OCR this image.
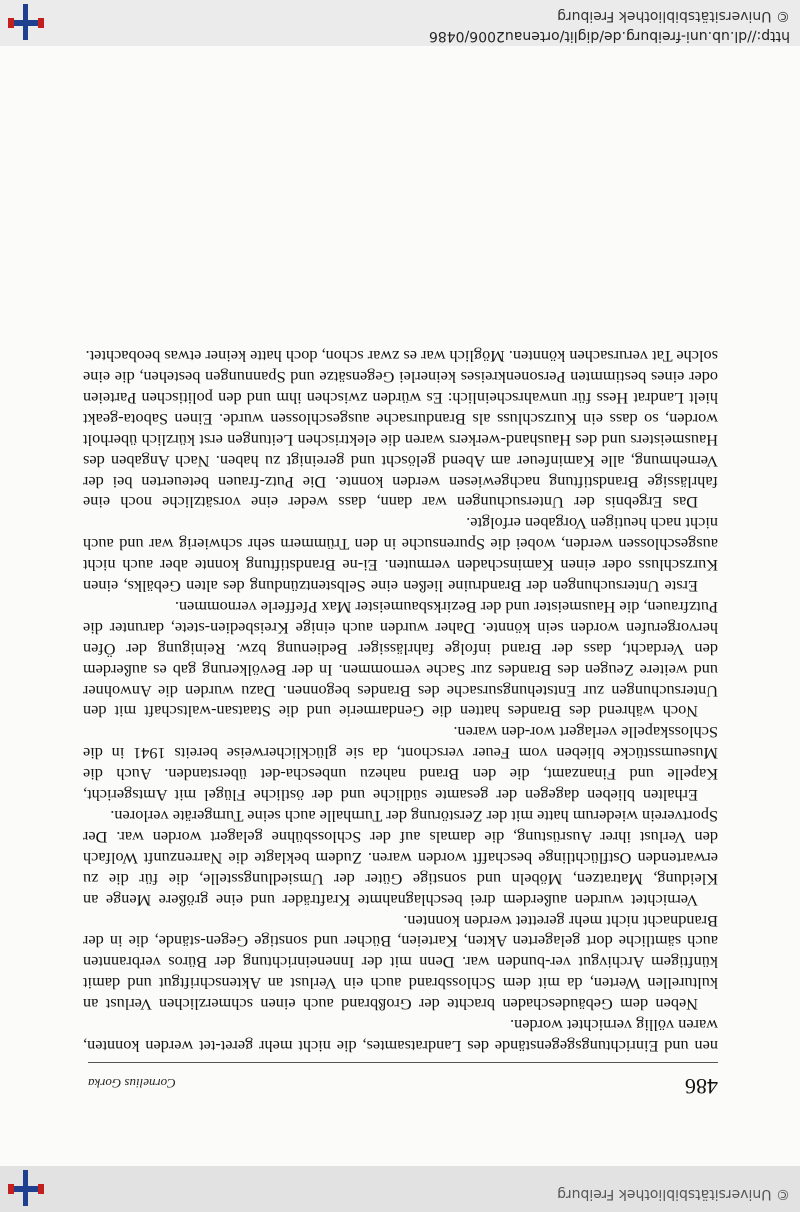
© Universitätsbibliothek Freiburg
486
Cornelius Gorka

nen und Einrichtungsgegenstände des Landratsamtes, die nicht mehr geret-tet werden konnten, waren völlig vernichtet worden.

Neben dem Gebäudeschaden brachte der Großbrand auch einen schmerzlichen Verlust an kulturellen Werten, da mit dem Schlossbrand auch ein Verlust an Aktenschriftgut und damit künftigem Archivgut ver-bunden war. Denn mit der Inneneinrichtung der Büros verbrannten auch sämtliche dort gelagerten Akten, Karteien, Bücher und sonstige Gegen-stände, die in der Brandnacht nicht mehr gerettet werden konnten.

Vernichtet wurden außerdem drei beschlagnahmte Krafträder und eine größere Menge an Kleidung, Matratzen, Möbeln und sonstige Güter der Umsiedlungsstelle, die für die zu erwartenden Ostflüchtlinge beschafft worden waren. Zudem beklagte die Narrenzunft Wolfach den Verlust ihrer Ausrüstung, die damals auf der Schlossbühne gelagert worden war. Der Sportverein wiederum hatte mit der Zerstörung der Turnhalle auch seine Turngeräte verloren.

Erhalten blieben dagegen der gesamte südliche und der östliche Flügel mit Amtsgericht, Kapelle und Finanzamt, die den Brand nahezu unbescha-det überstanden. Auch die Museumsstücke blieben vom Feuer verschont, da sie glücklicherweise bereits 1941 in die Schlosskapelle verlagert wor-den waren.

Noch während des Brandes hatten die Gendarmerie und die Staatsan-waltschaft mit den Untersuchungen zur Entstehungsursache des Brandes begonnen. Dazu wurden die Anwohner und weitere Zeugen des Brandes zur Sache vernommen. In der Bevölkerung gab es außerdem den Verdacht, dass der Brand infolge fahrlässiger Bedienung bzw. Reinigung der Öfen hervorgerufen worden sein könnte. Daher wurden auch einige Kreisbedien-stete, darunter die Putzfrauen, die Hausmeister und der Bezirksbaumeister Max Pfefferle vernommen.

Erste Untersuchungen der Brandruine ließen eine Selbstentzündung des alten Gebälks, einen Kurzschluss oder einen Kaminschaden vermuten. Ei-ne Brandstiftung konnte aber auch nicht ausgeschlossen werden, wobei die Spurensuche in den Trümmern sehr schwierig war und auch nicht nach heutigen Vorgaben erfolgte.

Das Ergebnis der Untersuchungen war dann, dass weder eine vorsätzliche noch eine fahrlässige Brandstiftung nachgewiesen werden konnte. Die Putz-frauen beteuerten bei der Vernehmung, alle Kaminfeuer am Abend gelöscht und gereinigt zu haben. Nach Angaben des Hausmeisters und des Haushand-werkers waren die elektrischen Leitungen erst kürzlich überholt worden, so dass ein Kurzschluss als Brandursache ausgeschlossen wurde. Einen Sabota-geakt hielt Landrat Hess für unwahrscheinlich: Es würden zwischen ihm und den politischen Parteien oder eines bestimmten Personenkreises keinerlei Gegensätze und Spannungen bestehen, die eine solche Tat verursachen könnten. Möglich war es zwar schon, doch hatte keiner etwas beobachtet.

http://dl.ub.uni-freiburg.de/diglit/ortenau2006/0486
© Universitätsbibliothek Freiburg
